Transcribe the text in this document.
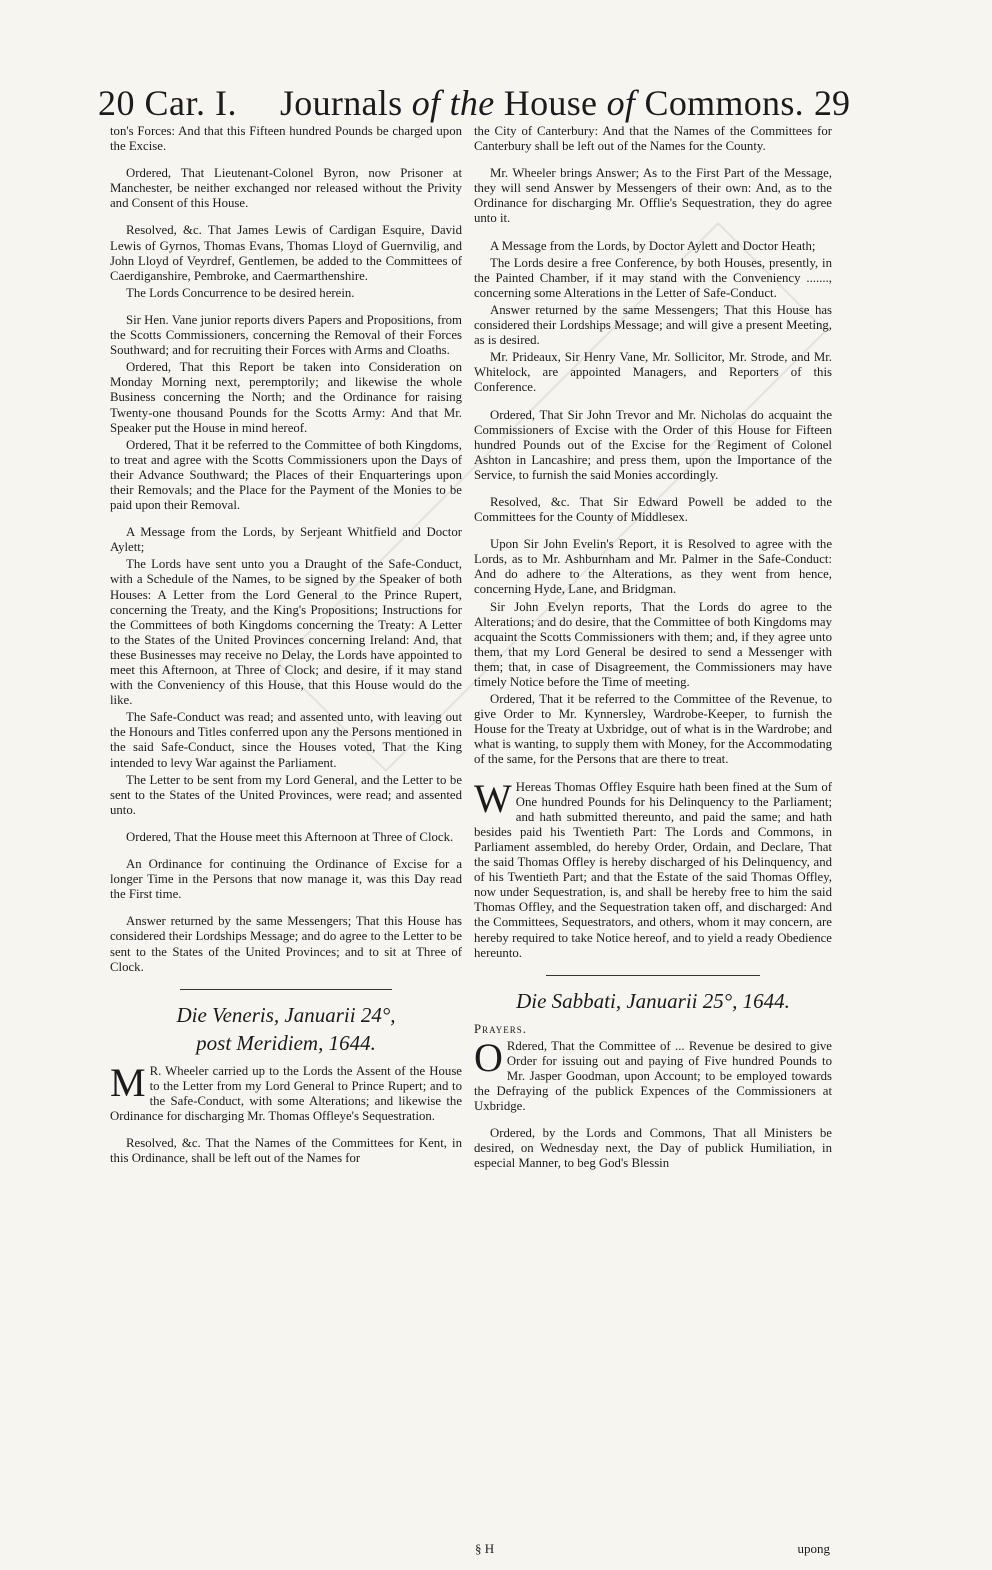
20 Car. I. Journals of the House of Commons. 29

ton's Forces: And that this Fifteen hundred Pounds be charged upon the Excise.

Ordered, That Lieutenant-Colonel Byron, now Prisoner at Manchester, be neither exchanged nor released without the Privity and Consent of this House.

Resolved, &c. That James Lewis of Cardigan Esquire, David Lewis of Gyrnos, Thomas Evans, Thomas Lloyd of Guernvilig, and John Lloyd of Veyrdref, Gentlemen, be added to the Committees of Caerdiganshire, Pembroke, and Caermarthenshire.

The Lords Concurrence to be desired herein.

Sir Hen. Vane junior reports divers Papers and Propositions, from the Scotts Commissioners, concerning the Removal of their Forces Southward; and for recruiting their Forces with Arms and Cloaths.

Ordered, That this Report be taken into Consideration on Monday Morning next, peremptorily; and likewise the whole Business concerning the North; and the Ordinance for raising Twenty-one thousand Pounds for the Scotts Army: And that Mr. Speaker put the House in mind hereof.

Ordered, That it be referred to the Committee of both Kingdoms, to treat and agree with the Scotts Commissioners upon the Days of their Advance Southward; the Places of their Enquarterings upon their Removals; and the Place for the Payment of the Monies to be paid upon their Removal.

A Message from the Lords, by Serjeant Whitfield and Doctor Aylett;

The Lords have sent unto you a Draught of the Safe-Conduct, with a Schedule of the Names, to be signed by the Speaker of both Houses: A Letter from the Lord General to the Prince Rupert, concerning the Treaty, and the King's Propositions; Instructions for the Committees of both Kingdoms concerning the Treaty: A Letter to the States of the United Provinces concerning Ireland: And, that these Businesses may receive no Delay, the Lords have appointed to meet this Afternoon, at Three of Clock; and desire, if it may stand with the Conveniency of this House, that this House would do the like.

The Safe-Conduct was read; and assented unto, with leaving out the Honours and Titles conferred upon any the Persons mentioned in the said Safe-Conduct, since the Houses voted, That the King intended to levy War against the Parliament.

The Letter to be sent from my Lord General, and the Letter to be sent to the States of the United Provinces, were read; and assented unto.

Ordered, That the House meet this Afternoon at Three of Clock.

An Ordinance for continuing the Ordinance of Excise for a longer Time in the Persons that now manage it, was this Day read the First time.

Answer returned by the same Messengers; That this House has considered their Lordships Message; and do agree to the Letter to be sent to the States of the United Provinces; and to sit at Three of Clock.

Die Veneris, Januarii 24°,
post Meridiem, 1644.

M R. Wheeler carried up to the Lords the Assent of the House to the Letter from my Lord General to Prince Rupert; and to the Safe-Conduct, with some Alterations; and likewise the Ordinance for discharging Mr. Thomas Offleye's Sequestration.

Resolved, &c. That the Names of the Committees for Kent, in this Ordinance, shall be left out of the Names for

the City of Canterbury: And that the Names of the Committees for Canterbury shall be left out of the Names for the County.

Mr. Wheeler brings Answer; As to the First Part of the Message, they will send Answer by Messengers of their own: And, as to the Ordinance for discharging Mr. Offlie's Sequestration, they do agree unto it.

A Message from the Lords, by Doctor Aylett and Doctor Heath;

The Lords desire a free Conference, by both Houses, presently, in the Painted Chamber, if it may stand with the Conveniency ......., concerning some Alterations in the Letter of Safe-Conduct.

Answer returned by the same Messengers; That this House has considered their Lordships Message; and will give a present Meeting, as is desired.

Mr. Prideaux, Sir Henry Vane, Mr. Sollicitor, Mr. Strode, and Mr. Whitelock, are appointed Managers, and Reporters of this Conference.

Ordered, That Sir John Trevor and Mr. Nicholas do acquaint the Commissioners of Excise with the Order of this House for Fifteen hundred Pounds out of the Excise for the Regiment of Colonel Ashton in Lancashire; and press them, upon the Importance of the Service, to furnish the said Monies accordingly.

Resolved, &c. That Sir Edward Powell be added to the Committees for the County of Middlesex.

Upon Sir John Evelin's Report, it is Resolved to agree with the Lords, as to Mr. Ashburnham and Mr. Palmer in the Safe-Conduct: And do adhere to the Alterations, as they went from hence, concerning Hyde, Lane, and Bridgman.

Sir John Evelyn reports, That the Lords do agree to the Alterations; and do desire, that the Committee of both Kingdoms may acquaint the Scotts Commissioners with them; and, if they agree unto them, that my Lord General be desired to send a Messenger with them; that, in case of Disagreement, the Commissioners may have timely Notice before the Time of meeting.

Ordered, That it be referred to the Committee of the Revenue, to give Order to Mr. Kynnersley, Wardrobe-Keeper, to furnish the House for the Treaty at Uxbridge, out of what is in the Wardrobe; and what is wanting, to supply them with Money, for the Accommodating of the same, for the Persons that are there to treat.

W Hereas Thomas Offley Esquire hath been fined at the Sum of One hundred Pounds for his Delinquency to the Parliament; and hath submitted thereunto, and paid the same; and hath besides paid his Twentieth Part: The Lords and Commons, in Parliament assembled, do hereby Order, Ordain, and Declare, That the said Thomas Offley is hereby discharged of his Delinquency, and of his Twentieth Part; and that the Estate of the said Thomas Offley, now under Sequestration, is, and shall be hereby free to him the said Thomas Offley, and the Sequestration taken off, and discharged: And the Committees, Sequestrators, and others, whom it may concern, are hereby required to take Notice hereof, and to yield a ready Obedience hereunto.

Die Sabbati, Januarii 25°, 1644.

Prayers.

O Rdered, That the Committee of ... Revenue be desired to give Order for issuing out and paying of Five hundred Pounds to Mr. Jasper Goodman, upon Account; to be employed towards the Defraying of the publick Expences of the Commissioners at Uxbridge.

Ordered, by the Lords and Commons, That all Ministers be desired, on Wednesday next, the Day of publick Humiliation, in especial Manner, to beg God's Blessin

§ H	upong
